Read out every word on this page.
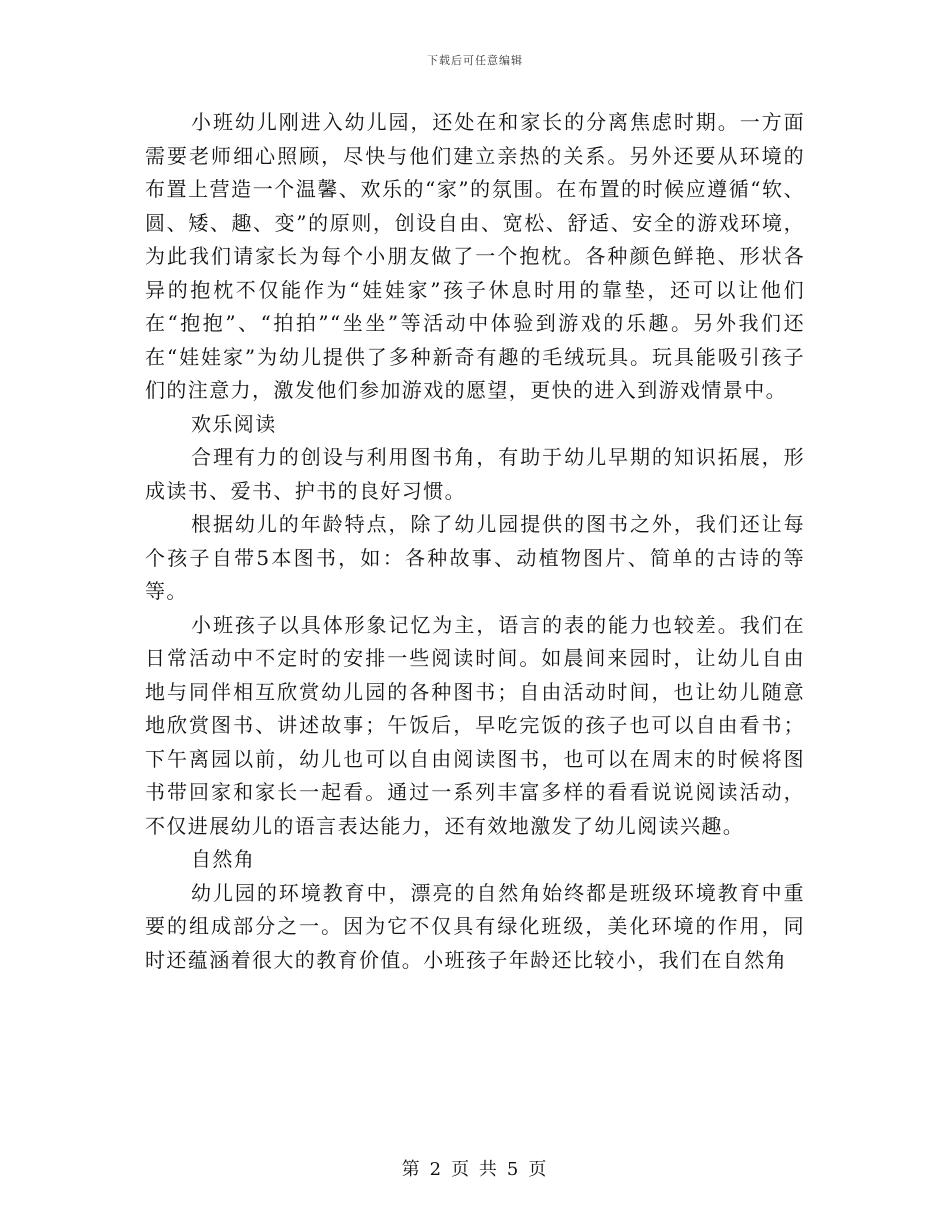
下载后可任意编辑

小班幼儿刚进入幼儿园，还处在和家长的分离焦虑时期。一方面需要老师细心照顾，尽快与他们建立亲热的关系。另外还要从环境的布置上营造一个温馨、欢乐的“家”的氛围。在布置的时候应遵循“软、圆、矮、趣、变”的原则，创设自由、宽松、舒适、安全的游戏环境，为此我们请家长为每个小朋友做了一个抱枕。各种颜色鲜艳、形状各异的抱枕不仅能作为“娃娃家”孩子休息时用的靠垫，还可以让他们在“抱抱”、“拍拍”“坐坐”等活动中体验到游戏的乐趣。另外我们还在“娃娃家”为幼儿提供了多种新奇有趣的毛绒玩具。玩具能吸引孩子们的注意力，激发他们参加游戏的愿望，更快的进入到游戏情景中。

欢乐阅读

合理有力的创设与利用图书角，有助于幼儿早期的知识拓展，形成读书、爱书、护书的良好习惯。

根据幼儿的年龄特点，除了幼儿园提供的图书之外，我们还让每个孩子自带5本图书，如：各种故事、动植物图片、简单的古诗的等等。

小班孩子以具体形象记忆为主，语言的表的能力也较差。我们在日常活动中不定时的安排一些阅读时间。如晨间来园时，让幼儿自由地与同伴相互欣赏幼儿园的各种图书；自由活动时间，也让幼儿随意地欣赏图书、讲述故事；午饭后，早吃完饭的孩子也可以自由看书；下午离园以前，幼儿也可以自由阅读图书，也可以在周末的时候将图书带回家和家长一起看。通过一系列丰富多样的看看说说阅读活动，不仅进展幼儿的语言表达能力，还有效地激发了幼儿阅读兴趣。

自然角

幼儿园的环境教育中，漂亮的自然角始终都是班级环境教育中重要的组成部分之一。因为它不仅具有绿化班级，美化环境的作用，同时还蕴涵着很大的教育价值。小班孩子年龄还比较小，我们在自然角

第 2 页 共 5 页
